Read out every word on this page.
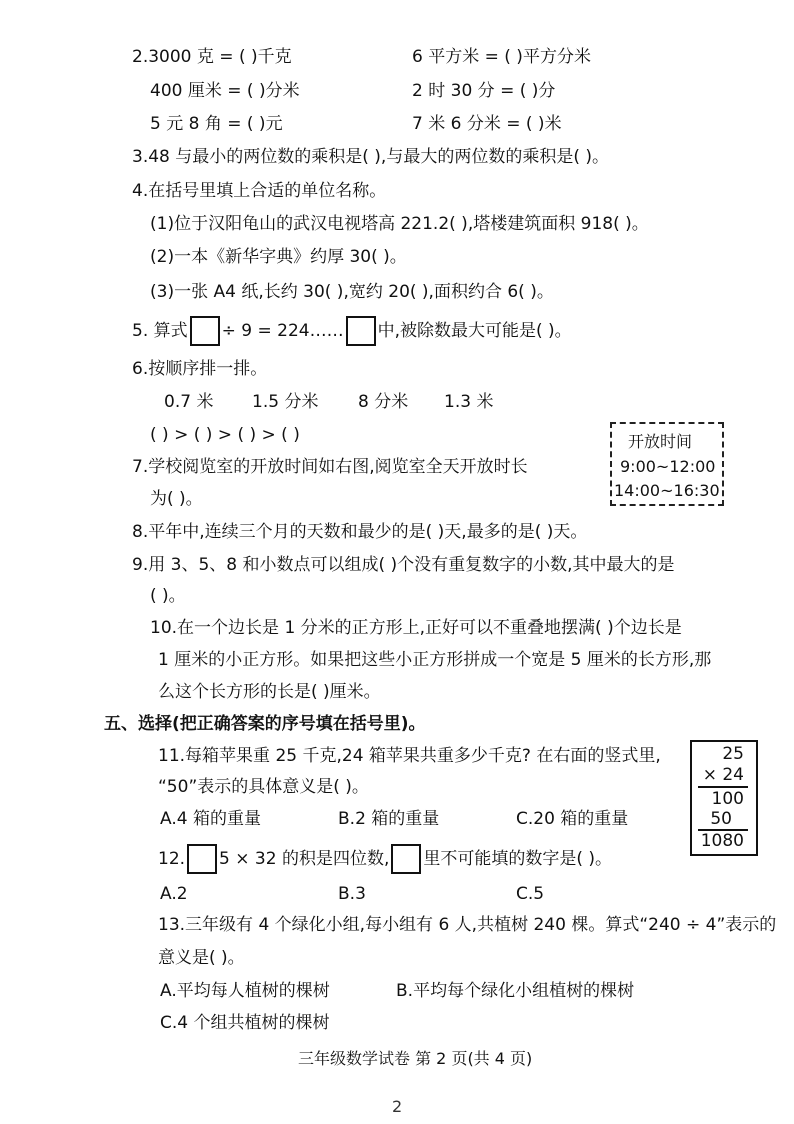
2.3000 克 = ( )千克	6 平方米 = ( )平方分米
400 厘米 = ( )分米	2 时 30 分 = ( )分
5 元 8 角 = ( )元	7 米 6 分米 = ( )米
3.48 与最小的两位数的乘积是( ),与最大的两位数的乘积是( )。
4.在括号里填上合适的单位名称。
(1)位于汉阳龟山的武汉电视塔高 221.2( ),塔楼建筑面积 918( )。
(2)一本《新华字典》约厚 30( )。
(3)一张 A4 纸,长约 30( ),宽约 20( ),面积约合 6( )。
5. 算式 ÷ 9 = 224…… 中,被除数最大可能是( )。
6.按顺序排一排。
0.7 米 1.5 分米 8 分米 1.3 米
( ) > ( ) > ( ) > ( )
7.学校阅览室的开放时间如右图,阅览室全天开放时长
为( )。
开放时间
9:00~12:00
14:00~16:30
8.平年中,连续三个月的天数和最少的是( )天,最多的是( )天。
9.用 3、5、8 和小数点可以组成( )个没有重复数字的小数,其中最大的是
( )。
10.在一个边长是 1 分米的正方形上,正好可以不重叠地摆满( )个边长是
1 厘米的小正方形。如果把这些小正方形拼成一个宽是 5 厘米的长方形,那
么这个长方形的长是( )厘米。
五、选择(把正确答案的序号填在括号里)。
11.每箱苹果重 25 千克,24 箱苹果共重多少千克? 在右面的竖式里,
“50”表示的具体意义是( )。
A.4 箱的重量	B.2 箱的重量	C.20 箱的重量
25
× 24
100
50
1080
12. 5 × 32 的积是四位数, 里不可能填的数字是( )。
A.2	B.3	C.5
13.三年级有 4 个绿化小组,每小组有 6 人,共植树 240 棵。算式“240 ÷ 4”表示的
意义是( )。
A.平均每人植树的棵树	B.平均每个绿化小组植树的棵树
C.4 个组共植树的棵树
三年级数学试卷 第 2 页(共 4 页)
2
